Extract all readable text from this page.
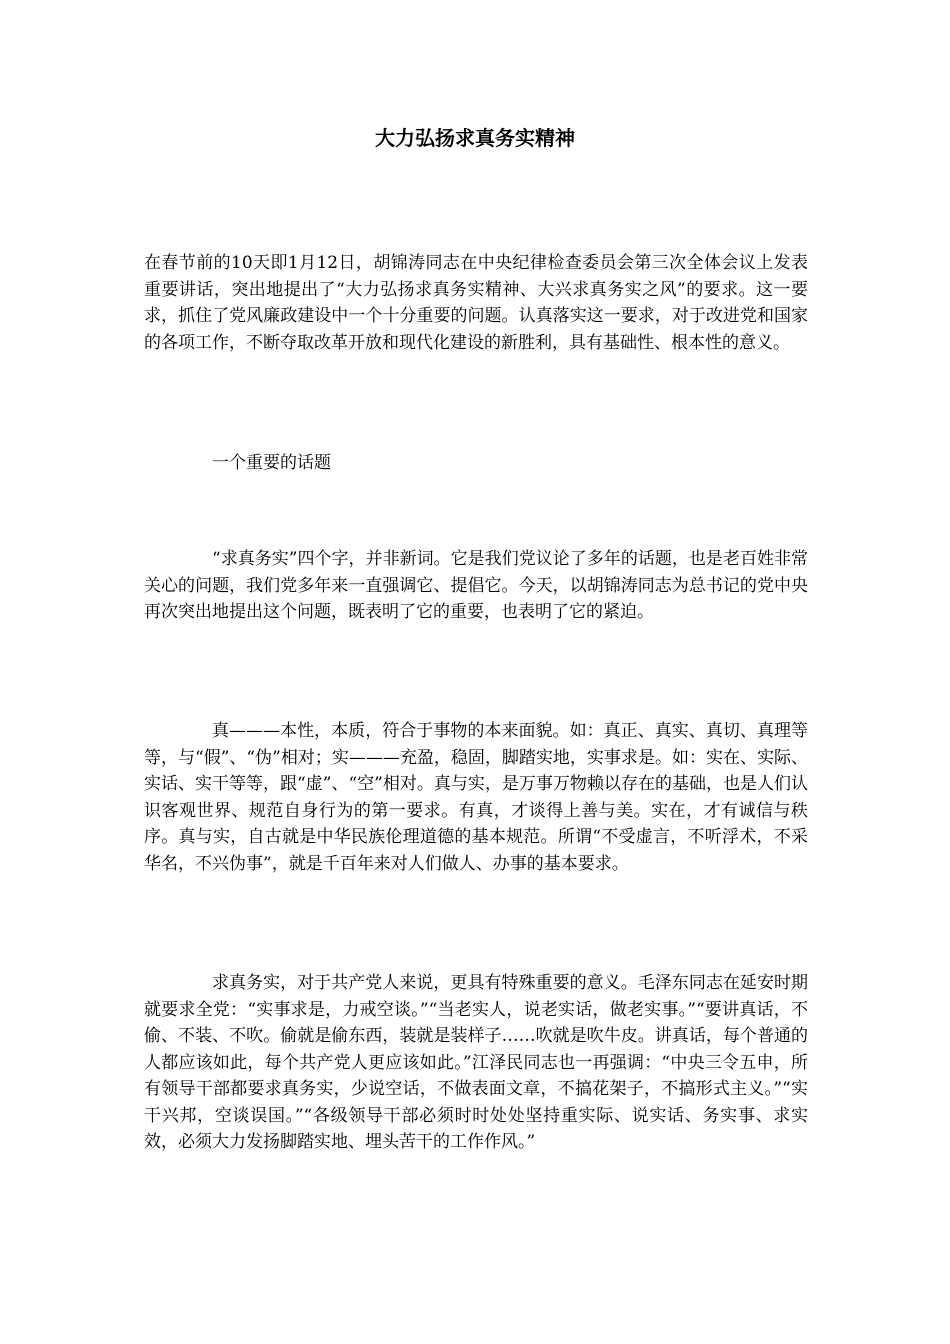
大力弘扬求真务实精神

在春节前的10天即1月12日，胡锦涛同志在中央纪律检查委员会第三次全体会议上发表重要讲话，突出地提出了“大力弘扬求真务实精神、大兴求真务实之风”的要求。这一要求，抓住了党风廉政建设中一个十分重要的问题。认真落实这一要求，对于改进党和国家的各项工作，不断夺取改革开放和现代化建设的新胜利，具有基础性、根本性的意义。

一个重要的话题

“求真务实”四个字，并非新词。它是我们党议论了多年的话题，也是老百姓非常关心的问题，我们党多年来一直强调它、提倡它。今天，以胡锦涛同志为总书记的党中央再次突出地提出这个问题，既表明了它的重要，也表明了它的紧迫。

真———本性，本质，符合于事物的本来面貌。如：真正、真实、真切、真理等等，与“假”、“伪”相对；实———充盈，稳固，脚踏实地，实事求是。如：实在、实际、实话、实干等等，跟“虚”、“空”相对。真与实，是万事万物赖以存在的基础，也是人们认识客观世界、规范自身行为的第一要求。有真，才谈得上善与美。实在，才有诚信与秩序。真与实，自古就是中华民族伦理道德的基本规范。所谓“不受虚言，不听浮术，不采华名，不兴伪事”，就是千百年来对人们做人、办事的基本要求。

求真务实，对于共产党人来说，更具有特殊重要的意义。毛泽东同志在延安时期就要求全党：“实事求是，力戒空谈。”“当老实人，说老实话，做老实事。”“要讲真话，不偷、不装、不吹。偷就是偷东西，装就是装样子……吹就是吹牛皮。讲真话，每个普通的人都应该如此，每个共产党人更应该如此。”江泽民同志也一再强调：“中央三令五申，所有领导干部都要求真务实，少说空话，不做表面文章，不搞花架子，不搞形式主义。”“实干兴邦，空谈误国。”“各级领导干部必须时时处处坚持重实际、说实话、务实事、求实效，必须大力发扬脚踏实地、埋头苦干的工作作风。”
